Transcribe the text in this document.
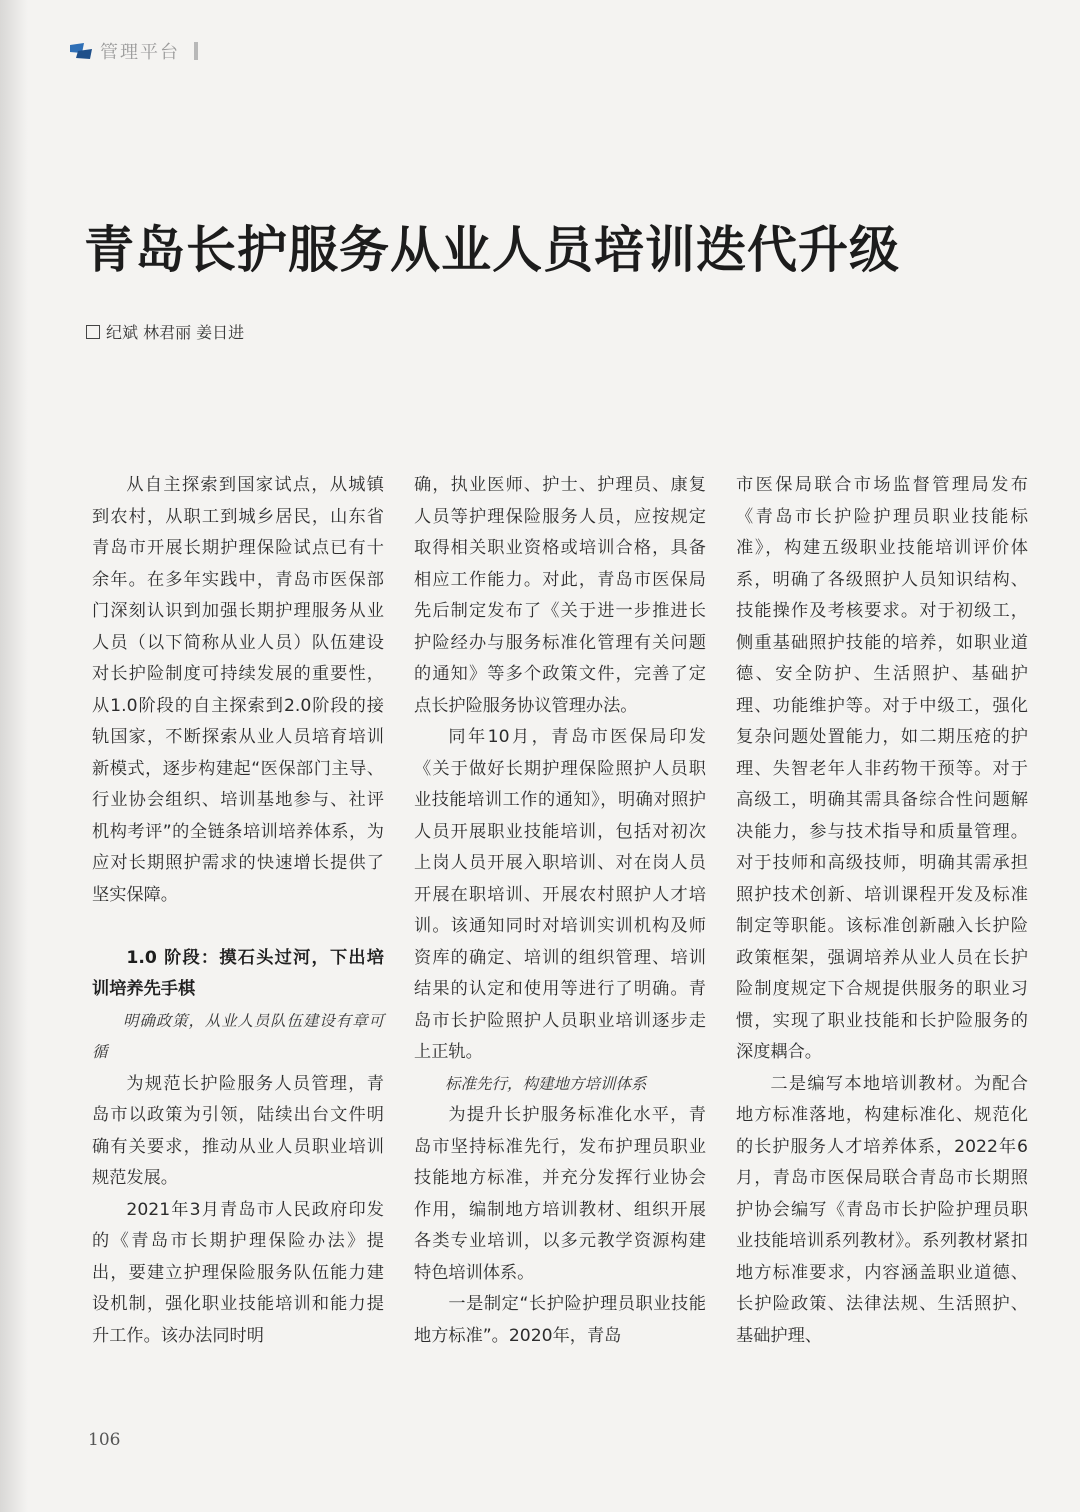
管理平台
青岛长护服务从业人员培训迭代升级
纪斌 林君丽 姜日进

从自主探索到国家试点，从城镇到农村，从职工到城乡居民，山东省青岛市开展长期护理保险试点已有十余年。在多年实践中，青岛市医保部门深刻认识到加强长期护理服务从业人员（以下简称从业人员）队伍建设对长护险制度可持续发展的重要性，从1.0阶段的自主探索到2.0阶段的接轨国家，不断探索从业人员培育培训新模式，逐步构建起“医保部门主导、行业协会组织、培训基地参与、社评机构考评”的全链条培训培养体系，为应对长期照护需求的快速增长提供了坚实保障。

1.0 阶段：摸石头过河，下出培训培养先手棋

明确政策，从业人员队伍建设有章可循

为规范长护险服务人员管理，青岛市以政策为引领，陆续出台文件明确有关要求，推动从业人员职业培训规范发展。

2021年3月青岛市人民政府印发的《青岛市长期护理保险办法》提出，要建立护理保险服务队伍能力建设机制，强化职业技能培训和能力提升工作。该办法同时明

确，执业医师、护士、护理员、康复人员等护理保险服务人员，应按规定取得相关职业资格或培训合格，具备相应工作能力。对此，青岛市医保局先后制定发布了《关于进一步推进长护险经办与服务标准化管理有关问题的通知》等多个政策文件，完善了定点长护险服务协议管理办法。

同年10月，青岛市医保局印发《关于做好长期护理保险照护人员职业技能培训工作的通知》，明确对照护人员开展职业技能培训，包括对初次上岗人员开展入职培训、对在岗人员开展在职培训、开展农村照护人才培训。该通知同时对培训实训机构及师资库的确定、培训的组织管理、培训结果的认定和使用等进行了明确。青岛市长护险照护人员职业培训逐步走上正轨。

标准先行，构建地方培训体系

为提升长护服务标准化水平，青岛市坚持标准先行，发布护理员职业技能地方标准，并充分发挥行业协会作用，编制地方培训教材、组织开展各类专业培训，以多元教学资源构建特色培训体系。

一是制定“长护险护理员职业技能地方标准”。2020年，青岛

市医保局联合市场监督管理局发布《青岛市长护险护理员职业技能标准》，构建五级职业技能培训评价体系，明确了各级照护人员知识结构、技能操作及考核要求。对于初级工，侧重基础照护技能的培养，如职业道德、安全防护、生活照护、基础护理、功能维护等。对于中级工，强化复杂问题处置能力，如二期压疮的护理、失智老年人非药物干预等。对于高级工，明确其需具备综合性问题解决能力，参与技术指导和质量管理。对于技师和高级技师，明确其需承担照护技术创新、培训课程开发及标准制定等职能。该标准创新融入长护险政策框架，强调培养从业人员在长护险制度规定下合规提供服务的职业习惯，实现了职业技能和长护险服务的深度耦合。

二是编写本地培训教材。为配合地方标准落地，构建标准化、规范化的长护服务人才培养体系，2022年6月，青岛市医保局联合青岛市长期照护协会编写《青岛市长护险护理员职业技能培训系列教材》。系列教材紧扣地方标准要求，内容涵盖职业道德、长护险政策、法律法规、生活照护、基础护理、

106
